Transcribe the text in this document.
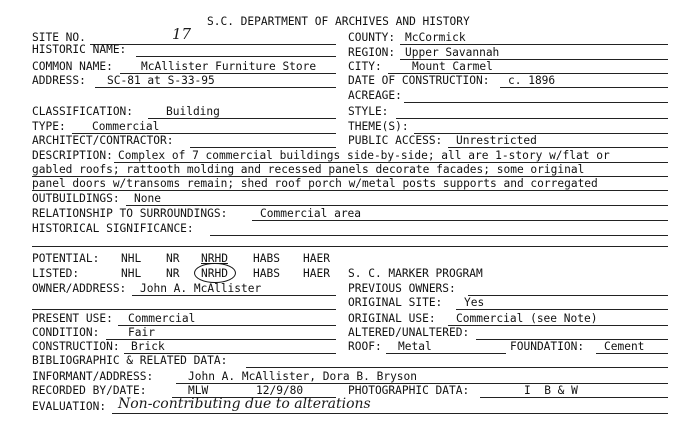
S.C. DEPARTMENT OF ARCHIVES AND HISTORY
SITE NO.	17
HISTORIC NAME:
COMMON NAME:	McAllister Furniture Store
ADDRESS: SC-81 at S-33-95
CLASSIFICATION:	Building
TYPE: Commercial
ARCHITECT/CONTRACTOR:
COUNTY: McCormick
REGION: Upper Savannah
CITY:	Mount Carmel
DATE OF CONSTRUCTION: c. 1896
ACREAGE:
STYLE:
THEME(S):
PUBLIC ACCESS: Unrestricted
DESCRIPTION: Complex of 7 commercial buildings side-by-side; all are 1-story w/flat or
gabled roofs; rattooth molding and recessed panels decorate facades; some original
panel doors w/transoms remain; shed roof porch w/metal posts supports and corregated
OUTBUILDINGS: None
RELATIONSHIP TO SURROUNDINGS:	Commercial area
HISTORICAL SIGNIFICANCE:
POTENTIAL: NHL NR NRHD HABS HAER
LISTED:	NHL NR NRHD HABS HAER S. C. MARKER PROGRAM
OWNER/ADDRESS: John A. McAllister	PREVIOUS OWNERS:
ORIGINAL SITE: Yes
PRESENT USE: Commercial	ORIGINAL USE: Commercial (see Note)
CONDITION:	Fair	ALTERED/UNALTERED:
CONSTRUCTION: Brick	ROOF: Metal	FOUNDATION: Cement
BIBLIOGRAPHIC & RELATED DATA:
INFORMANT/ADDRESS:	John A. McAllister, Dora B. Bryson
RECORDED BY/DATE:	MLW	12/9/80	PHOTOGRAPHIC DATA:	I  B & W
EVALUATION: Non-contributing due to alterations
